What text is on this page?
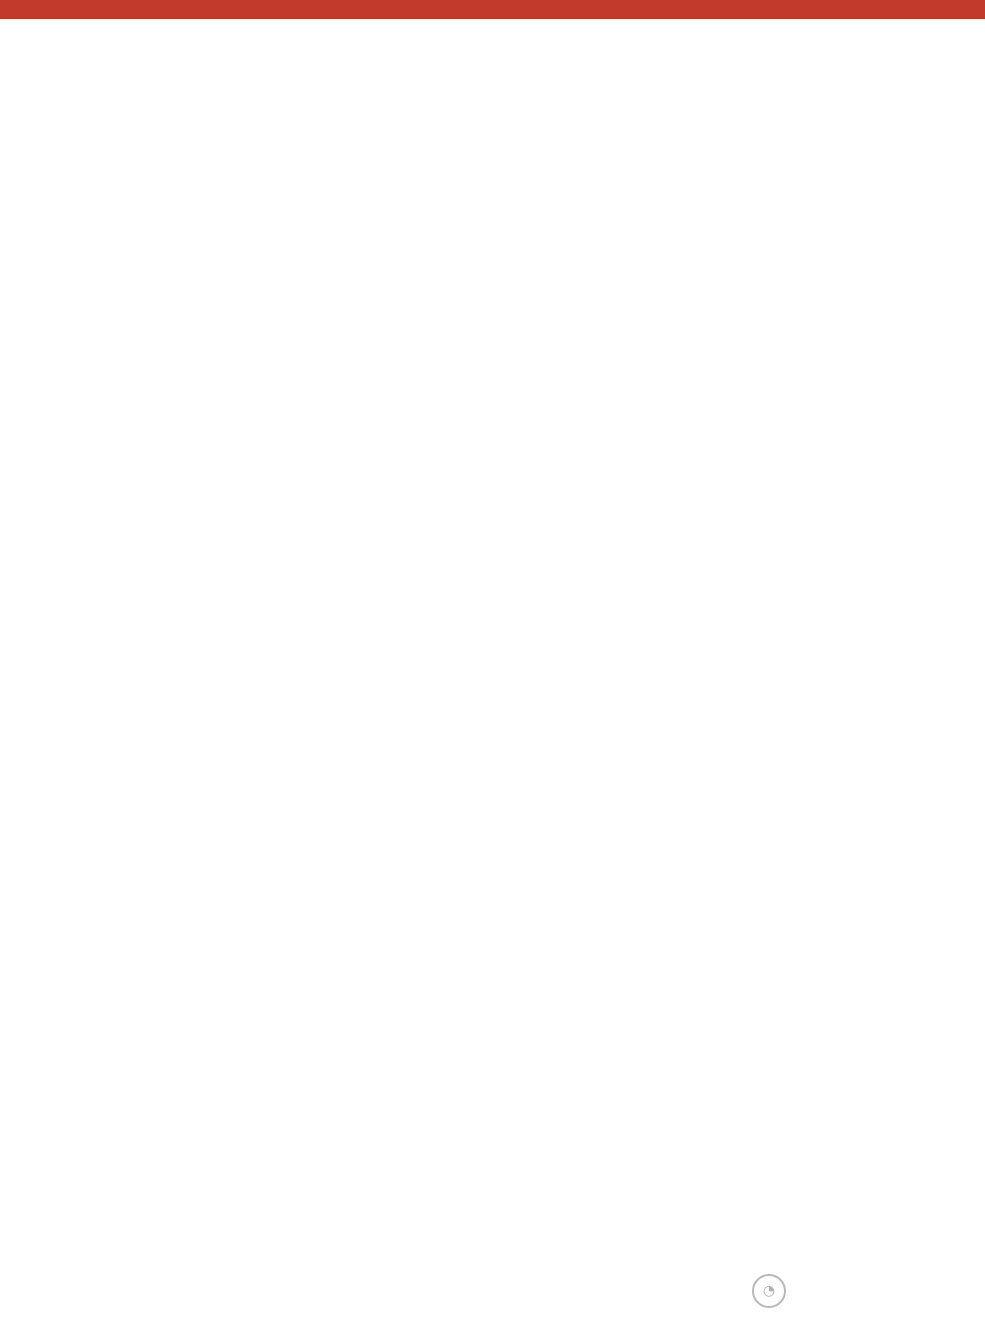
◔
